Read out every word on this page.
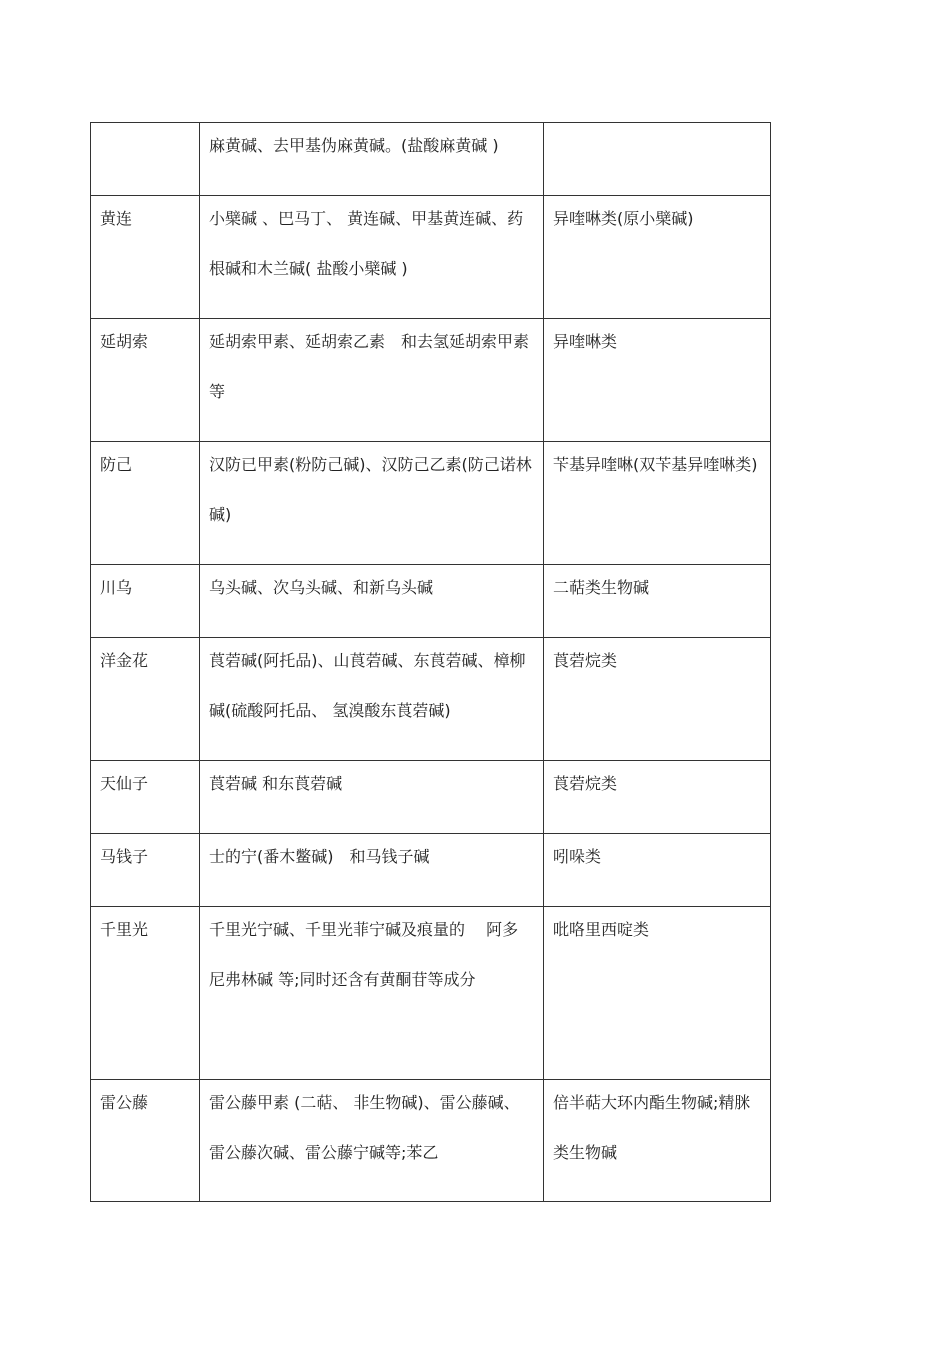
	麻黄碱、去甲基伪麻黄碱。(盐酸麻黄碱 )	

黄连	小檗碱 、巴马丁、 黄连碱、甲基黄连碱、药根碱和木兰碱( 盐酸小檗碱 )	异喹啉类(原小檗碱)

延胡索	延胡索甲素、延胡索乙素　和去氢延胡索甲素等	异喹啉类

防己	汉防已甲素(粉防己碱)、汉防己乙素(防己诺林碱)	苄基异喹啉(双苄基异喹啉类)

川乌	乌头碱、次乌头碱、和新乌头碱	二萜类生物碱

洋金花	莨菪碱(阿托品)、山莨菪碱、东莨菪碱、樟柳碱(硫酸阿托品、 氢溴酸东莨菪碱)	莨菪烷类

天仙子	莨菪碱 和东莨菪碱	莨菪烷类

马钱子	士的宁(番木鳖碱)　和马钱子碱	吲哚类

千里光	千里光宁碱、千里光菲宁碱及痕量的　 阿多尼弗林碱 等;同时还含有黄酮苷等成分	吡咯里西啶类

雷公藤	雷公藤甲素 (二萜、 非生物碱)、雷公藤碱、雷公藤次碱、雷公藤宁碱等;苯乙	倍半萜大环内酯生物碱;精脒类生物碱
